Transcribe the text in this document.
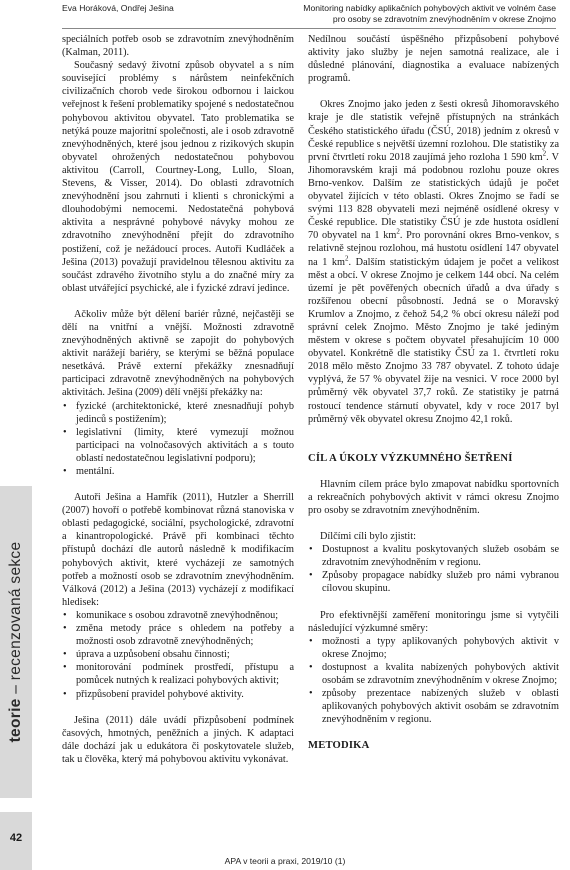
Eva Horáková, Ondřej Ješina	Monitoring nabídky aplikačních pohybových aktivit ve volném čase
pro osoby se zdravotním znevýhodněním v okrese Znojmo

speciálních potřeb osob se zdravotním znevýhodněním (Kalman, 2011).

Současný sedavý životní způsob obyvatel a s ním související problémy s nárůstem neinfekčních civilizačních chorob vede širokou odbornou i laickou veřejnost k řešení problematiky spojené s nedostatečnou pohybovou aktivitou obyvatel. Tato problematika se netýká pouze majoritní společnosti, ale i osob zdravotně znevýhodněných, které jsou jednou z rizikových skupin obyvatel ohrožených nedostatečnou pohybovou aktivitou (Carroll, Courtney-Long, Lullo, Sloan, Stevens, & Visser, 2014). Do oblasti zdravotních znevýhodnění jsou zahrnuti i klienti s chronickými a dlouhodobými nemocemi. Nedostatečná pohybová aktivita a nesprávné pohybové návyky mohou ze zdravotního znevýhodnění přejít do zdravotního postižení, což je nežádoucí proces. Autoři Kudláček a Ješina (2013) považují pravidelnou tělesnou aktivitu za součást zdravého životního stylu a do značné míry za oblast utvářející psychické, ale i fyzické zdraví jedince.

Ačkoliv může být dělení bariér různé, nejčastěji se dělí na vnitřní a vnější. Možnosti zdravotně znevýhodněných aktivně se zapojit do pohybových aktivit narážejí bariéry, se kterými se běžná populace nesetkává. Právě externí překážky znesnadňují participaci zdravotně znevýhodněných na pohybových aktivitách. Ješina (2009) dělí vnější překážky na:

• fyzické (architektonické, které znesnadňují pohyb jedinců s postižením);
• legislativní (limity, které vymezují možnou participaci na volnočasových aktivitách a s touto oblastí nedostatečnou legislativní podporu);
• mentální.

Autoři Ješina a Hamřík (2011), Hutzler a Sherrill (2007) hovoří o potřebě kombinovat různá stanoviska v oblasti pedagogické, sociální, psychologické, zdravotní a kinantropologické. Právě při kombinaci těchto přístupů dochází dle autorů následně k modifikacím pohybových aktivit, které vycházejí ze samotných potřeb a možností osob se zdravotním znevýhodněním. Válková (2012) a Ješina (2013) vycházejí z modifikací hledisek:

• komunikace s osobou zdravotně znevýhodněnou;
• změna metody práce s ohledem na potřeby a možnosti osob zdravotně znevýhodněných;
• úprava a uzpůsobení obsahu činnosti;
• monitorování podmínek prostředí, přístupu a pomůcek nutných k realizaci pohybových aktivit;
• přizpůsobení pravidel pohybové aktivity.

Ješina (2011) dále uvádí přizpůsobení podmínek časových, hmotných, peněžních a jiných. K adaptaci dále dochází jak u edukátora či poskytovatele služeb, tak u člověka, který má pohybovou aktivitu vykonávat.

Nedílnou součástí úspěšného přizpůsobení pohybové aktivity jako služby je nejen samotná realizace, ale i důsledné plánování, diagnostika a evaluace nabízených programů.

Okres Znojmo jako jeden z šesti okresů Jihomoravského kraje je dle statistik veřejně přístupných na stránkách Českého statistického úřadu (ČSÚ, 2018) jedním z okresů v České republice s největší územní rozlohou. Dle statistiky za první čtvrtletí roku 2018 zaujímá jeho rozloha 1 590 $km^2$. V Jihomoravském kraji má podobnou rozlohu pouze okres Brno-venkov. Dalším ze statistických údajů je počet obyvatel žijících v této oblasti. Okres Znojmo se řadí se svými 113 828 obyvateli mezi nejméně osídlené okresy v České republice. Dle statistiky ČSÚ je zde hustota osídlení 70 obyvatel na 1 $km^2$. Pro porovnání okres Brno-venkov, s relativně stejnou rozlohou, má hustotu osídlení 147 obyvatel na 1 $km^2$. Dalším statistickým údajem je počet a velikost měst a obcí. V okrese Znojmo je celkem 144 obcí. Na celém území je pět pověřených obecních úřadů a dva úřady s rozšířenou obecní působností. Jedná se o Moravský Krumlov a Znojmo, z čehož 54,2 % obcí okresu náleží pod správní celek Znojmo. Město Znojmo je také jediným městem v okrese s počtem obyvatel přesahujícím 10 000 obyvatel. Konkrétně dle statistiky ČSÚ za 1. čtvrtletí roku 2018 mělo město Znojmo 33 787 obyvatel. Z tohoto údaje vyplývá, že 57 % obyvatel žije na vesnici. V roce 2000 byl průměrný věk obyvatel 37,7 roků. Ze statistiky je patrná rostoucí tendence stárnutí obyvatel, kdy v roce 2017 byl průměrný věk obyvatel okresu Znojmo 42,1 roků.

CÍL A ÚKOLY VÝZKUMNÉHO ŠETŘENÍ

Hlavním cílem práce bylo zmapovat nabídku sportovních a rekreačních pohybových aktivit v rámci okresu Znojmo pro osoby se zdravotním znevýhodněním.

Dílčími cíli bylo zjistit:

• Dostupnost a kvalitu poskytovaných služeb osobám se zdravotním znevýhodněním v regionu.
• Způsoby propagace nabídky služeb pro námi vybranou cílovou skupinu.

Pro efektivnější zaměření monitoringu jsme si vytyčili následující výzkumné směry:

• možnosti a typy aplikovaných pohybových aktivit v okrese Znojmo;
• dostupnost a kvalita nabízených pohybových aktivit osobám se zdravotním znevýhodněním v okrese Znojmo;
• způsoby prezentace nabízených služeb v oblasti aplikovaných pohybových aktivit osobám se zdravotním znevýhodněním v regionu.

METODIKA

teorie – recenzovaná sekce
42
APA v teorii a praxi, 2019/10 (1)
